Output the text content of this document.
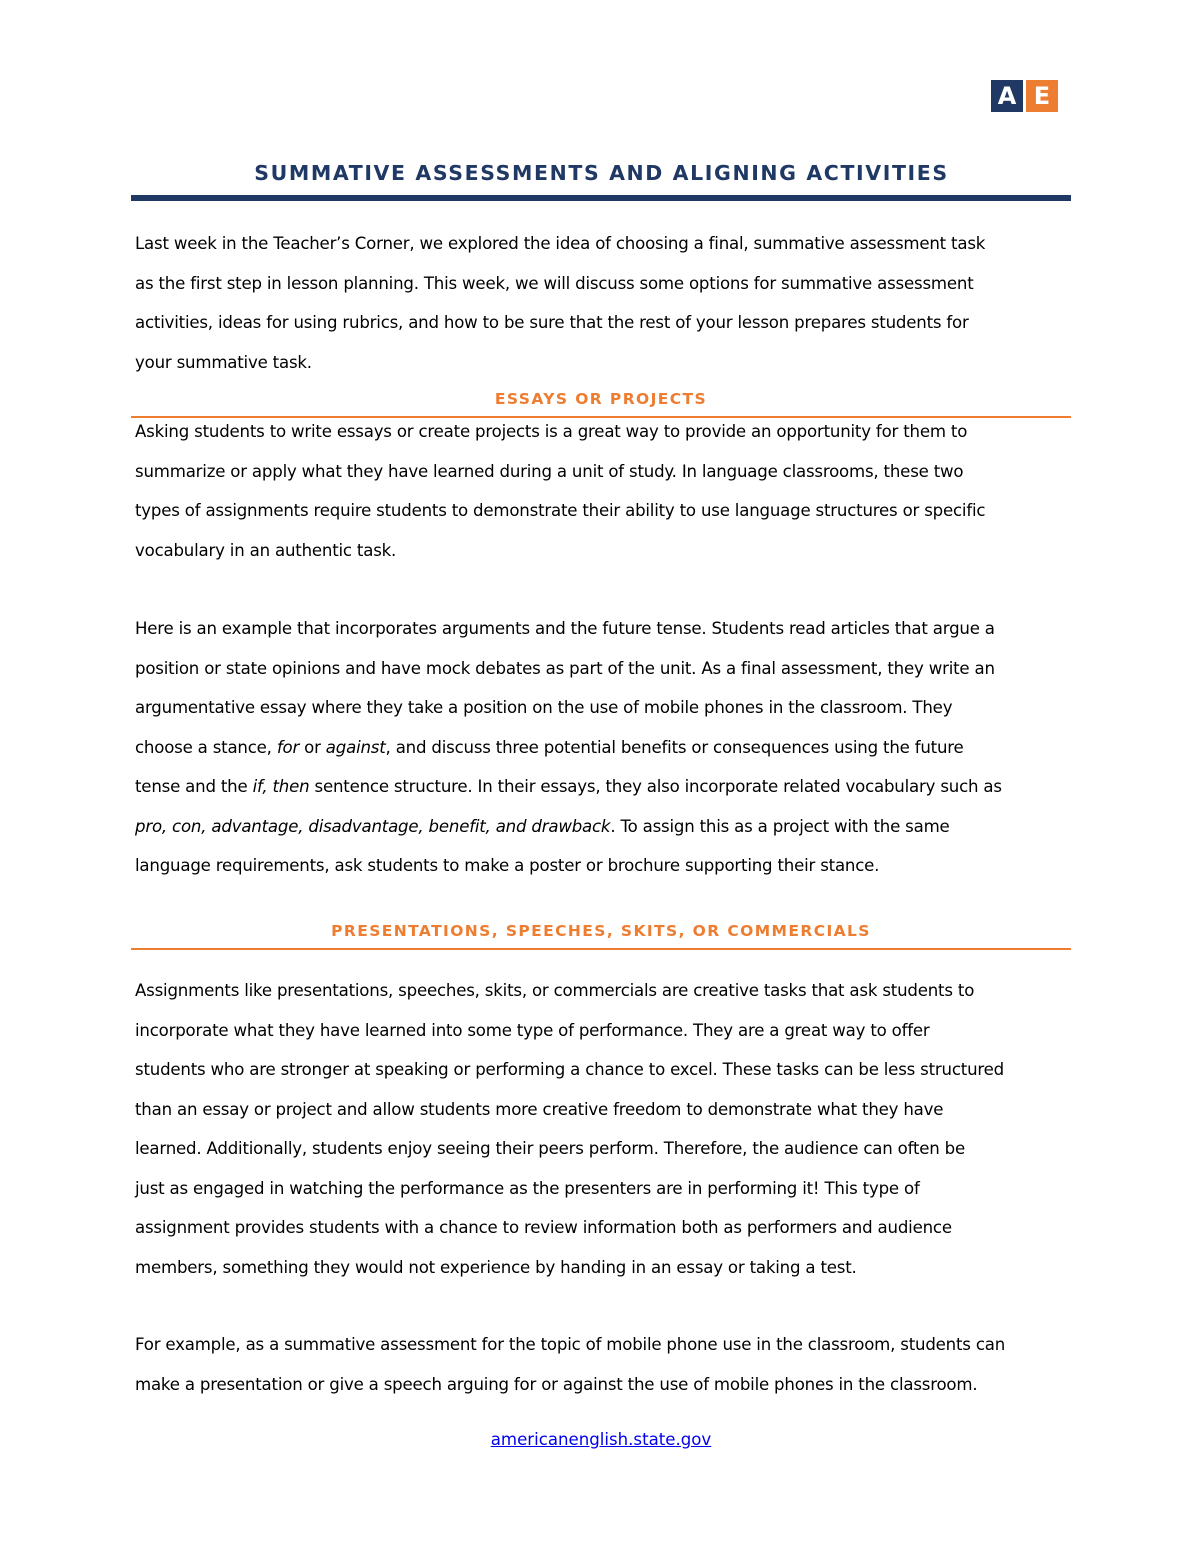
A E
SUMMATIVE ASSESSMENTS AND ALIGNING ACTIVITIES

Last week in the Teacher’s Corner, we explored the idea of choosing a final, summative assessment task
as the first step in lesson planning. This week, we will discuss some options for summative assessment
activities, ideas for using rubrics, and how to be sure that the rest of your lesson prepares students for
your summative task.

ESSAYS OR PROJECTS

Asking students to write essays or create projects is a great way to provide an opportunity for them to
summarize or apply what they have learned during a unit of study. In language classrooms, these two
types of assignments require students to demonstrate their ability to use language structures or specific
vocabulary in an authentic task.

Here is an example that incorporates arguments and the future tense. Students read articles that argue a
position or state opinions and have mock debates as part of the unit. As a final assessment, they write an
argumentative essay where they take a position on the use of mobile phones in the classroom. They
choose a stance, for or against, and discuss three potential benefits or consequences using the future
tense and the if, then sentence structure. In their essays, they also incorporate related vocabulary such as
pro, con, advantage, disadvantage, benefit, and drawback. To assign this as a project with the same
language requirements, ask students to make a poster or brochure supporting their stance.

PRESENTATIONS, SPEECHES, SKITS, OR COMMERCIALS

Assignments like presentations, speeches, skits, or commercials are creative tasks that ask students to
incorporate what they have learned into some type of performance. They are a great way to offer
students who are stronger at speaking or performing a chance to excel. These tasks can be less structured
than an essay or project and allow students more creative freedom to demonstrate what they have
learned. Additionally, students enjoy seeing their peers perform. Therefore, the audience can often be
just as engaged in watching the performance as the presenters are in performing it! This type of
assignment provides students with a chance to review information both as performers and audience
members, something they would not experience by handing in an essay or taking a test.

For example, as a summative assessment for the topic of mobile phone use in the classroom, students can
make a presentation or give a speech arguing for or against the use of mobile phones in the classroom.

americanenglish.state.gov
